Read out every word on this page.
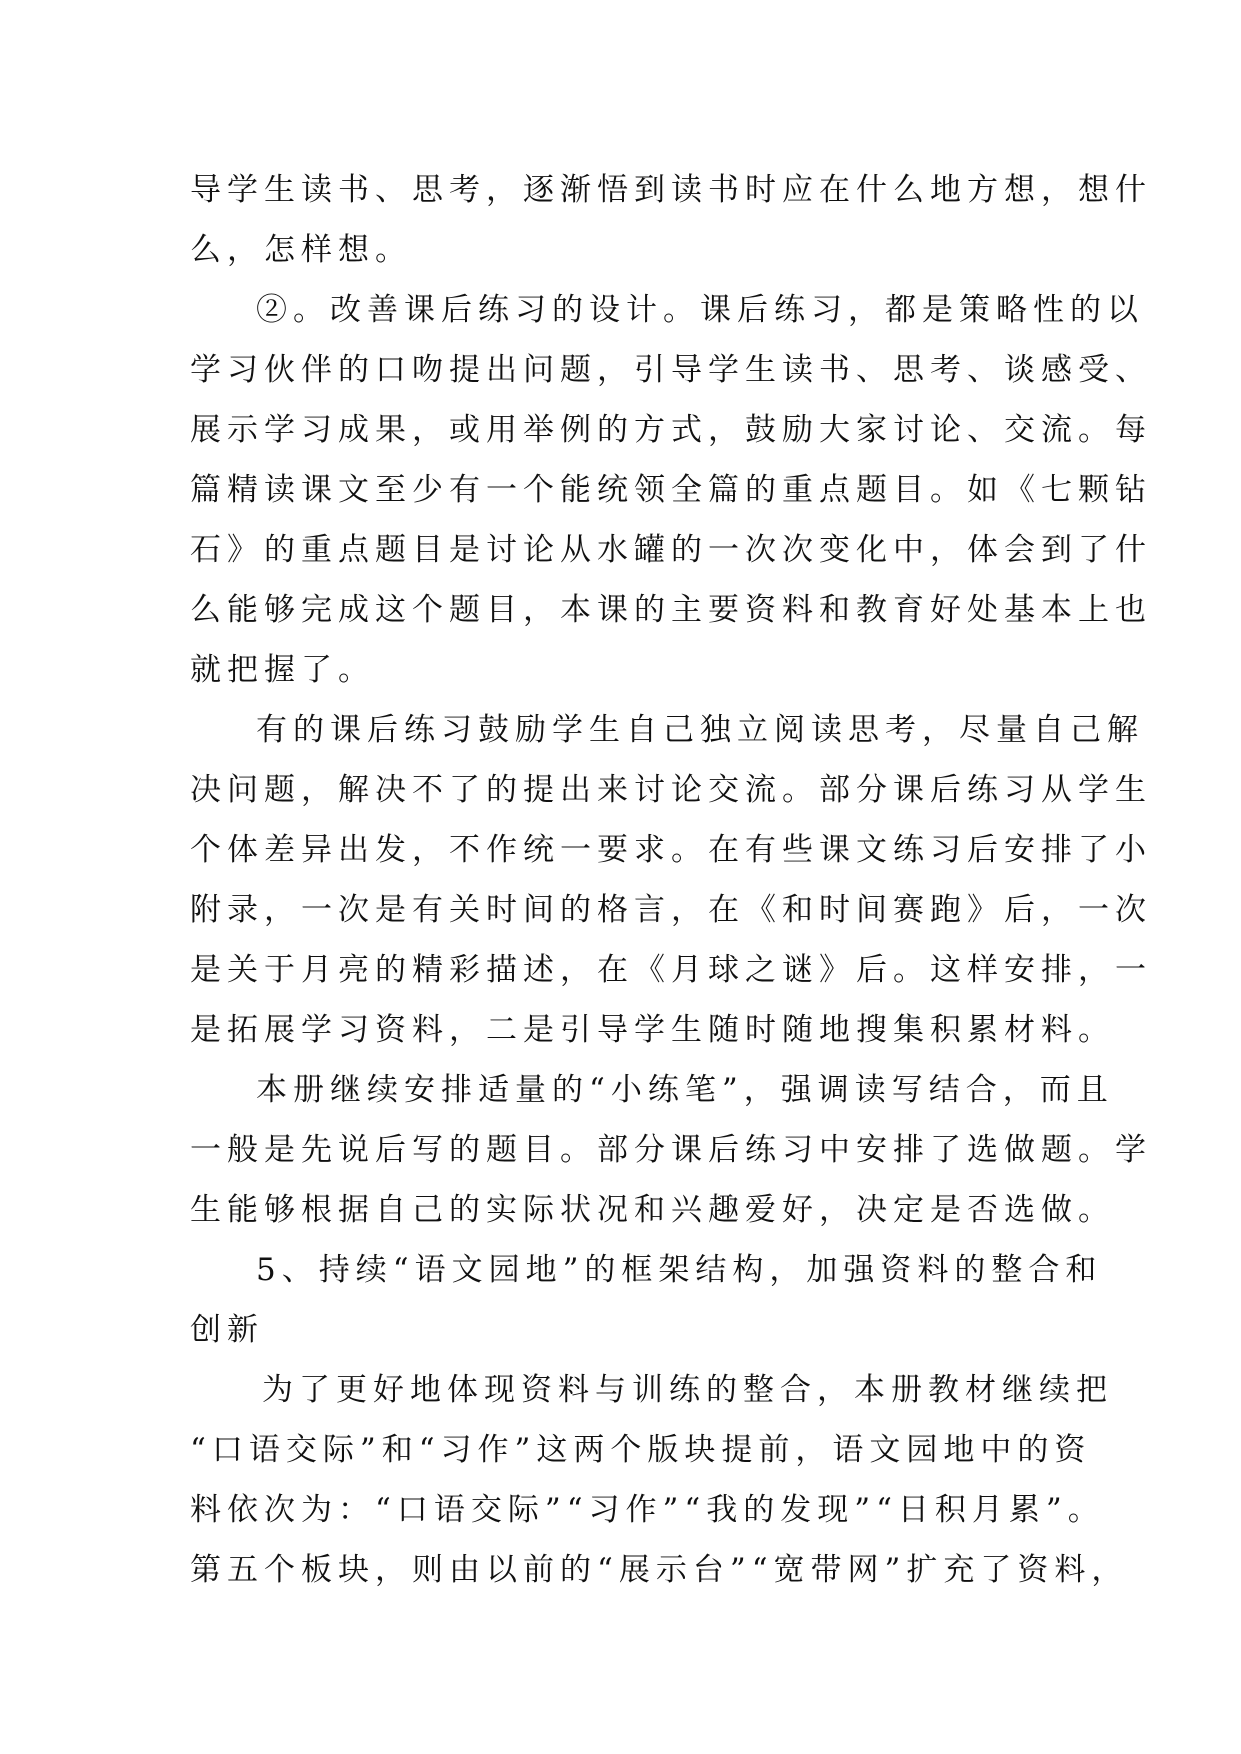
导学生读书、思考，逐渐悟到读书时应在什么地方想，想什
么，怎样想。
②。改善课后练习的设计。课后练习，都是策略性的以
学习伙伴的口吻提出问题，引导学生读书、思考、谈感受、
展示学习成果，或用举例的方式，鼓励大家讨论、交流。每
篇精读课文至少有一个能统领全篇的重点题目。如《七颗钻
石》的重点题目是讨论从水罐的一次次变化中，体会到了什
么能够完成这个题目，本课的主要资料和教育好处基本上也
就把握了。
有的课后练习鼓励学生自己独立阅读思考，尽量自己解
决问题，解决不了的提出来讨论交流。部分课后练习从学生
个体差异出发，不作统一要求。在有些课文练习后安排了小
附录，一次是有关时间的格言，在《和时间赛跑》后，一次
是关于月亮的精彩描述，在《月球之谜》后。这样安排，一
是拓展学习资料，二是引导学生随时随地搜集积累材料。
本册继续安排适量的“小练笔”，强调读写结合，而且
一般是先说后写的题目。部分课后练习中安排了选做题。学
生能够根据自己的实际状况和兴趣爱好，决定是否选做。
5、持续“语文园地”的框架结构，加强资料的整合和
创新
为了更好地体现资料与训练的整合，本册教材继续把
“口语交际”和“习作”这两个版块提前，语文园地中的资
料依次为：“口语交际”“习作”“我的发现”“日积月累”。
第五个板块，则由以前的“展示台”“宽带网”扩充了资料，
